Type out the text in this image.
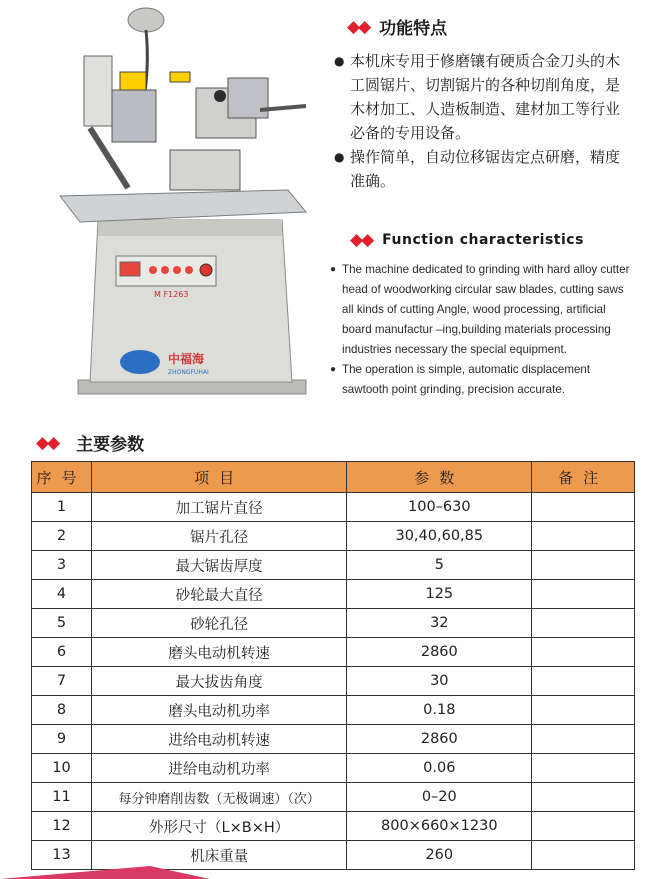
M F1263
中福海
ZHONGFUHAI
◆◆ 功能特点
● 本机床专用于修磨镶有硬质合金刀头的木工圆锯片、切割锯片的各种切削角度，是木材加工、人造板制造、建材加工等行业必备的专用设备。
● 操作简单，自动位移锯齿定点研磨，精度准确。
◆◆ Function characteristics
● The machine dedicated to grinding with hard alloy cutter head of woodworking circular saw blades, cutting saws all kinds of cutting Angle, wood processing, artificial board manufactur –ing,building materials processing industries necessary the special equipment.
● The operation is simple, automatic displacement sawtooth point grinding, precision accurate.
◆◆ 主要参数
序号	项目	参数	备注
1	加工锯片直径	100–630	
2	锯片孔径	30,40,60,85	
3	最大锯齿厚度	5	
4	砂轮最大直径	125	
5	砂轮孔径	32	
6	磨头电动机转速	2860	
7	最大拔齿角度	30	
8	磨头电动机功率	0.18	
9	进给电动机转速	2860	
10	进给电动机功率	0.06	
11	每分钟磨削齿数（无极调速）（次）	0–20	
12	外形尺寸（L×B×H）	800×660×1230	
13	机床重量	260	
